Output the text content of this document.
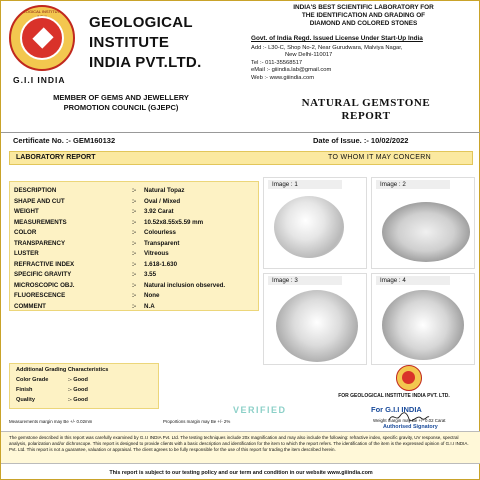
GEOLOGICAL INSTITUTE OF
G.I.I INDIA
GEOLOGICAL
INSTITUTE
INDIA PVT.LTD.
MEMBER OF GEMS AND JEWELLERY
PROMOTION COUNCIL (GJEPC)
INDIA'S BEST SCIENTIFIC LABORATORY FOR
THE IDENTIFICATION AND GRADING OF
DIAMOND AND COLORED STONES
Govt. of India Regd. Issued License Under Start-Up India
Add :- L30-C, Shop No-2, Near Gurudwara, Malviya Nagar,
New Delhi-110017
Tel :- 011-35568517
eMail :- giiindia.lab@gmail.com
Web :- www.giiindia.com
NATURAL GEMSTONE
REPORT
Certificate No. :- GEM160132	Date of Issue. :- 10/02/2022
LABORATORY REPORT	TO WHOM IT MAY CONCERN
DESCRIPTION	:- Natural Topaz
SHAPE AND CUT	:- Oval / Mixed
WEIGHT	:- 3.92 Carat
MEASUREMENTS	:- 10.52x8.55x5.59 mm
COLOR	:- Colourless
TRANSPARENCY	:- Transparent
LUSTER	:- Vitreous
REFRACTIVE INDEX	:- 1.618-1.630
SPECIFIC GRAVITY	:- 3.55
MICROSCOPIC OBJ.	:- Natural inclusion observed.
FLUORESCENCE	:- None
COMMENT	:- N.A
Image : 1	Image : 2
Image : 3	Image : 4
Additional Grading Characteristics
Color Grade	:- Good
Finish	:- Good
Quality	:- Good
FOR GEOLOGICAL INSTITUTE INDIA PVT. LTD.
For G.I.I INDIA
Weight margin may Be +/- 0.02 Carat
Authorised Signatory
VERIFIED
Measurements margin may Be +/- 0.02mm	Proportions margin may Be +/- 2%
The gemstone described in this report was carefully examined by G.I.I INDIA Pvt. Ltd. The testing techniques include 20x magnification and may also include the following: refractive index, specific gravity, UV response, spectral analysis, polarization and/or dichroscope. This report is designed to provide clients with a basic description and identification for the item to which the report refers. The identification of the item is the expressed opinion of G.I.I INDIA. Pvt. Ltd. This report is not a guarantee, valuation or appraisal. The client agrees to be fully responsible for the use of this report for trading the item described herein.
This report is subject to our testing policy and our term and condition in our website www.giiindia.com
